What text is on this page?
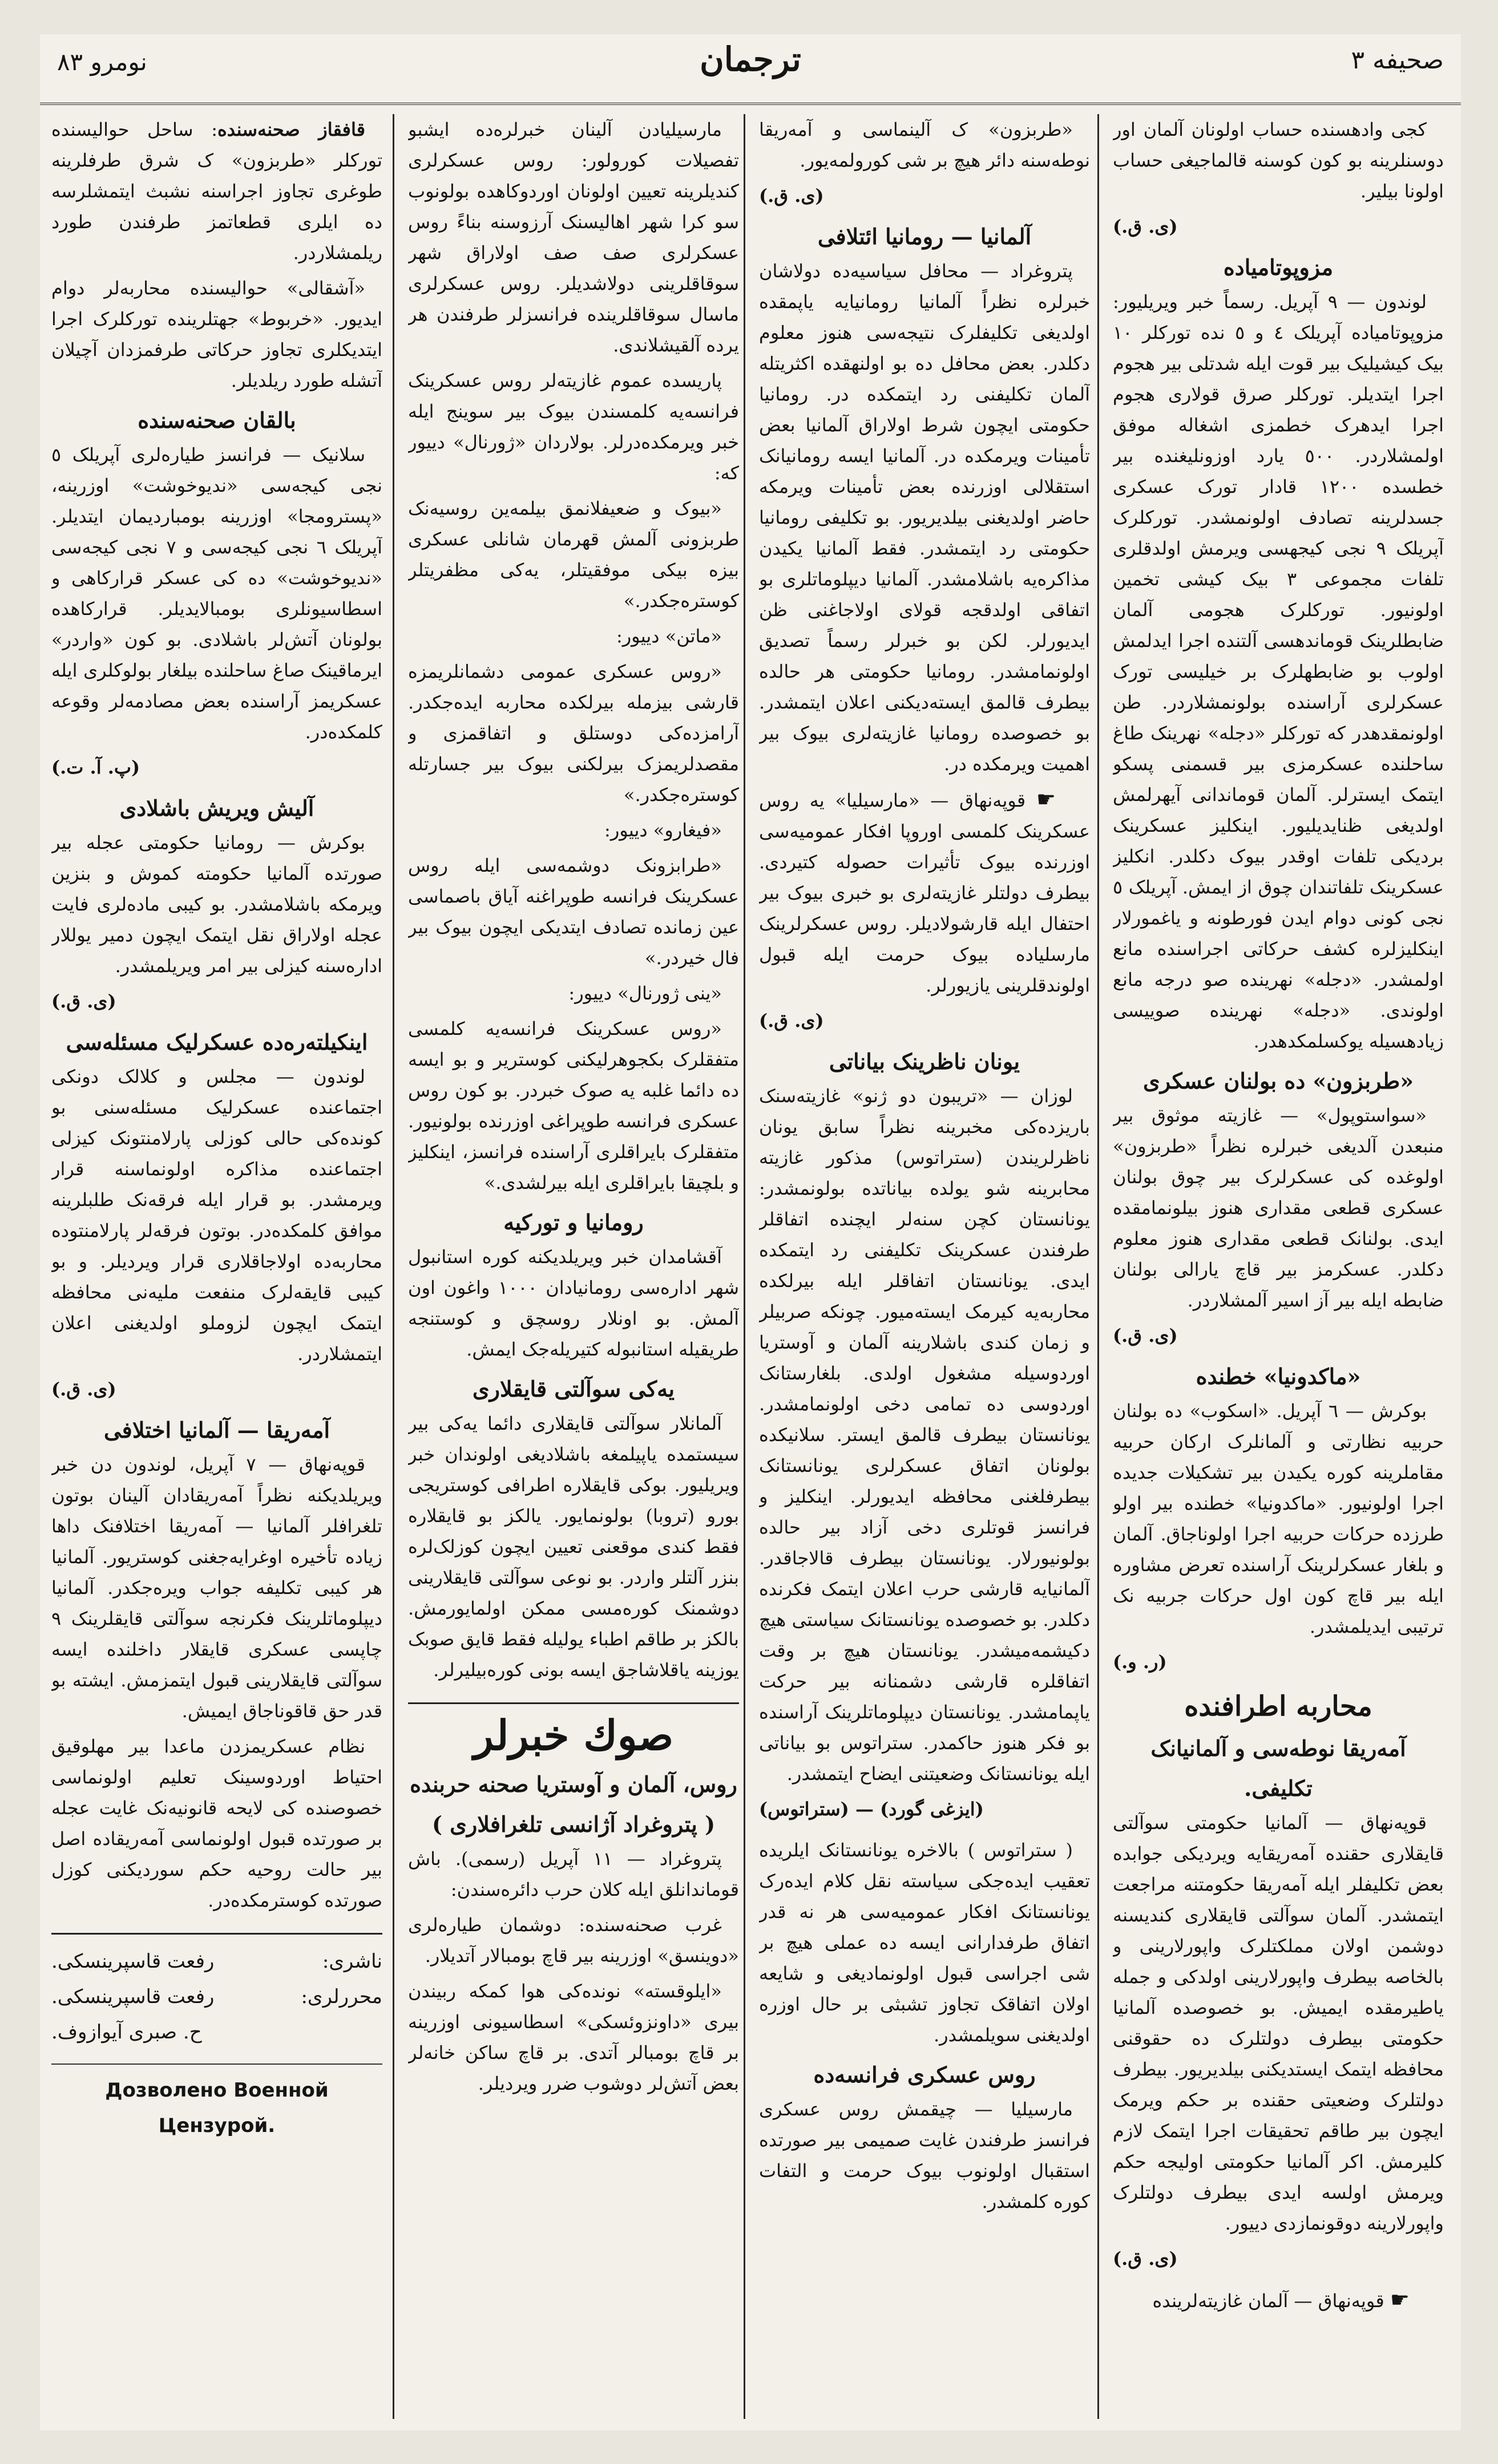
صحیفه ۳
ترجمان
نومرو ۸۳

کجی وادهسنده حساب اولونان آلمان اور دوسنلرینه بو کون کوسنه قالماجیغی حساب اولونا بیلیر.

(ی. ق.)
مزوپوتامیاده

لوندون — ۹ آپریل. رسماً خبر ویریلیور: مزوپوتامیاده آپریلک ٤ و ٥ نده تورکلر ١٠ بیک کیشیلیک بیر قوت ایله شدتلی بیر هجوم اجرا ایتدیلر. تورکلر صرق قولاری هجوم اجرا ایدهرک خطمزی اشغاله موفق اولمشلاردر. ٥٠٠ یارد اوزونلیغنده بیر خطسده ١٢٠٠ قادار تورک عسکری جسدلرینه تصادف اولونمشدر. تورکلرک آپریلک ٩ نجی کیجهسی ویرمش اولدقلری تلفات مجموعی ٣ بیک کیشی تخمین اولونیور. تورکلرک هجومی آلمان ضابطلرینک قوماندهسی آلتنده اجرا ایدلمش اولوب بو ضابطهلرک بر خیلیسی تورک عسکرلری آراسنده بولونمشلاردر. طن اولونمقدهدر که تورکلر «دجله» نهرینک طاغ ساحلنده عسکرمزی بیر قسمنی پسکو ایتمک ایسترلر. آلمان قوماندانی آیهرلمش اولدیغی ظنایدیلیور. اینکلیز عسکرینک بردیکی تلفات اوقدر بیوک دکلدر. انکلیز عسکرینک تلفاتندان چوق از ایمش. آپریلک ٥ نجی کونی دوام ایدن فورطونه و یاغمورلار اینکلیزلره کشف حرکاتی اجراسنده مانع اولمشدر. «دجله» نهرینده صو درجه مانع اولوندی. «دجله» نهرینده صوییسی زیادهسیله یوکسلمکدهدر.

«طربزون» ده بولنان عسکری

«سواستوپول» — غازیته موثوق بیر منبعدن آلدیغی خبرلره نظراً «طربزون» اولوغده کی عسکرلرک بیر چوق بولنان عسکری قطعی مقداری هنوز بیلونمامقده ایدی. بولنانک قطعی مقداری هنوز معلوم دکلدر. عسکرمز بیر قاچ یارالی بولنان ضابطه ایله بیر آز اسیر آلمشلاردر.

(ی. ق.)
«ماکدونیا» خطنده

بوکرش — ٦ آپریل. «اسکوب» ده بولنان حربیه نظارتی و آلمانلرک ارکان حربیه مقاملرینه کوره یکیدن بیر تشکیلات جدیده اجرا اولونیور. «ماکدونیا» خطنده بیر اولو طرزده حرکات حربیه اجرا اولوناجاق. آلمان و بلغار عسکرلرینک آراسنده تعرض مشاوره ایله بیر قاچ کون اول حرکات جربیه نک ترتیبی ایدیلمشدر.

(ر. و.)
محاربه اطرافنده
آمه‌ریقا نوطه‌سی و آلمانیانک
تکلیفی.

قوپه‌نهاق — آلمانیا حکومتی سوآلتی قایقلاری حقنده آمه‌ریقایه ویردیکی جوابده بعض تکلیفلر ایله آمه‌ریقا حکومتنه مراجعت ایتمشدر. آلمان سوآلتی قایقلاری کندیسنه دوشمن اولان مملکتلرک واپورلارینی و بالخاصه بیطرف واپورلارینی اولدکی و جمله یاطیرمقده ایمیش. بو خصوصده آلمانیا حکومتی بیطرف دولتلرک ده حقوقنی محافظه ایتمک ایستدیکنی بیلدیریور. بیطرف دولتلرک وضعیتی حقنده بر حکم ویرمک ایچون بیر طاقم تحقیقات اجرا ایتمک لازم کلیرمش. اکر آلمانیا حکومتی اولیجه حکم ویرمش اولسه ایدی بیطرف دولتلرک واپورلارینه دوقونمازدی دییور.

(ی. ق.)

☛ قوپه‌نهاق — آلمان غازیته‌لرینده

«طربزون» ک آلینماسی و آمه‌ریقا نوطه‌سنه دائر هیچ بر شی کورولمه‌یور.

(ی. ق.)
آلمانیا — رومانیا ائتلافی

پتروغراد — محافل سیاسیه‌ده دولاشان خبرلره نظراً آلمانیا رومانیایه یاپمقده اولدیغی تکلیفلرک نتیجه‌سی هنوز معلوم دکلدر. بعض محافل ده بو اولنهقده اکثریتله آلمان تکلیفنی رد ایتمکده در. رومانیا حکومتی ایچون شرط اولاراق آلمانیا بعض تأمینات ویرمکده در. آلمانیا ایسه رومانیانک استقلالی اوزرنده بعض تأمینات ویرمکه حاضر اولدیغنی بیلدیریور. بو تکلیفی رومانیا حکومتی رد ایتمشدر. فقط آلمانیا یکیدن مذاکره‌یه باشلامشدر. آلمانیا دیپلوماتلری بو اتفاقی اولدقجه قولای اولاجاغنی ظن ایدیورلر. لکن بو خبرلر رسماً تصدیق اولونمامشدر. رومانیا حکومتی هر حالده بیطرف قالمق ایسته‌دیکنی اعلان ایتمشدر. بو خصوصده رومانیا غازیته‌لری بیوک بیر اهمیت ویرمکده در.

☛ قوپه‌نهاق — «مارسیلیا» یه روس عسکرینک کلمسی اوروپا افکار عمومیه‌سی اوزرنده بیوک تأثیرات حصوله کتیردی. بیطرف دولتلر غازیته‌لری بو خبری بیوک بیر احتفال ایله قارشولادیلر. روس عسکرلرینک مارسلیاده بیوک حرمت ایله قبول اولوندقلرینی یازیورلر.

(ی. ق.)
یونان ناظرینک بیاناتی

لوزان — «تریبون دو ژنو» غازیته‌سنک باریزده‌کی مخبرینه نظراً سابق یونان ناظرلریندن (ستراتوس) مذکور غازیته محابرینه شو یولده بیاناتده بولونمشدر: یونانستان کچن سنه‌لر ایچنده اتفاقلر طرفندن عسکرینک تکلیفنی رد ایتمکده ایدی. یونانستان اتفاقلر ایله بیرلکده محاربه‌یه کیرمک ایسته‌میور. چونکه صربیلر و زمان کندی باشلارینه آلمان و آوستریا اوردوسیله مشغول اولدی. بلغارستانک اوردوسی ده تمامی دخی اولونمامشدر. یونانستان بیطرف قالمق ایستر. سلانیکده بولونان اتفاق عسکرلری یونانستانک بیطرفلغنی محافظه ایدیورلر. اینکلیز و فرانسز قوتلری دخی آزاد بیر حالده بولونیورلار. یونانستان بیطرف قالاجاقدر. آلمانیایه قارشی حرب اعلان ایتمک فکرنده دکلدر. بو خصوصده یونانستانک سیاستی هیچ دکیشمه‌میشدر. یونانستان هیچ بر وقت اتفاقلره قارشی دشمنانه بیر حرکت یاپمامشدر. یونانستان دیپلوماتلرینک آراسنده بو فکر هنوز حاکمدر. ستراتوس بو بیاناتی ایله یونانستانک وضعیتنی ایضاح ایتمشدر.

(ایزغی گورد) — (ستراتوس)

( ستراتوس ) بالاخره یونانستانک ایلریده تعقیب ایده‌جکی سیاسته نقل کلام ایده‌رک یونانستانک افکار عمومیه‌سی هر نه قدر اتفاق طرفدارانی ایسه ده عملی هیچ بر شی اجراسی قبول اولونمادیغی و شایعه اولان اتفاقک تجاوز تشبثی بر حال اوزره اولدیغنی سویلمشدر.

روس عسکری فرانسه‌ده

مارسیلیا — چیقمش روس عسکری فرانسز طرفندن غایت صمیمی بیر صورتده استقبال اولونوب بیوک حرمت و التفات کوره کلمشدر.

مارسیلیادن آلینان خبرلره‌ده ایشبو تفصیلات کورولور: روس عسکرلری کندیلرینه تعیین اولونان اوردوکاهده بولونوب سو کرا شهر اهالیسنک آرزوسنه بناءً روس عسکرلری صف صف اولاراق شهر سوقاقلرینی دولاشدیلر. روس عسکرلری ماسال سوقاقلرینده فرانسزلر طرفندن هر یرده آلقیشلاندی.

پاریسده عموم غازیته‌لر روس عسکرینک فرانسه‌یه کلمسندن بیوک بیر سوینج ایله خبر ویرمکده‌درلر. بولاردان «ژورنال» دییور که:

«بیوک و ضعیفلانمق بیلمه‌ین روسیه‌نک طربزونی آلمش قهرمان شانلی عسکری بیزه بیکی موفقیتلر، یه‌کی مظفریتلر کوستره‌جکدر.»

«ماتن» دییور:

«روس عسکری عمومی دشمانلریمزه قارشی بیزمله بیرلکده محاربه ایده‌جکدر. آرامزده‌کی دوستلق و اتفاقمزی و مقصدلریمزک بیرلکنی بیوک بیر جسارتله کوستره‌جکدر.»

«فیغارو» دییور:

«طرابزونک دوشمه‌سی ایله روس عسکرینک فرانسه طوپراغنه آیاق باصماسی عین زمانده تصادف ایتدیکی ایچون بیوک بیر فال خیردر.»

«ینی ژورنال» دییور:

«روس عسکرینک فرانسه‌یه کلمسی متفقلرک بکجوهرلیکنی کوستریر و بو ایسه ده دائما غلبه یه صوک خبردر. بو کون روس عسکری فرانسه طوپراغی اوزرنده بولونیور. متفقلرک بایراقلری آراسنده فرانسز، اینکلیز و بلچیقا بایراقلری ایله بیرلشدی.»

رومانیا و تورکیه

آقشامدان خبر ویریلدیکنه کوره استانبول شهر اداره‌سی رومانیادان ١٠٠٠ واغون اون آلمش. بو اونلار روسچق و کوستنجه طریقیله استانبوله کتیریله‌جک ایمش.

یه‌کی سوآلتی قایقلاری

آلمانلار سوآلتی قایقلاری دائما یه‌کی بیر سیستمده یاپیلمغه باشلادیغی اولوندان خبر ویریلیور. بوکی قایقلاره اطرافی کوستریجی بورو (تروبا) بولونمایور. یالکز بو قایقلاره فقط کندی موقعنی تعیین ایچون کوزلک‌لره بنزر آلتلر واردر. بو نوعی سوآلتی قایقلارینی دوشمنک کوره‌مسی ممکن اولمایورمش. بالکز بر طاقم اطباء یولیله فقط قایق صوبک یوزینه یاقلاشاجق ایسه بونی کوره‌بیلیرلر.

صوك خبرلر
روس، آلمان و آوستریا صحنه حربنده
( پتروغراد آژانسی تلغرافلاری )

پتروغراد — ١١ آپریل (رسمی). باش قوماندانلق ایله کلان حرب دائره‌سندن:

غرب صحنه‌سنده: دوشمان طیاره‌لری «دوینسق» اوزرینه بیر قاچ بومبالار آتدیلار.

«ایلوقسته» نونده‌کی هوا کمکه ربیندن بیری «داونزوئسکی» اسطاسیونی اوزرینه بر قاچ بومبالر آتدی. بر قاچ ساکن خانه‌لر بعض آتش‌لر دوشوب ضرر ویردیلر.

قافقاز صحنه‌سنده: ساحل حوالیسنده تورکلر «طربزون» ک شرق طرفلرینه طوغری تجاوز اجراسنه نشبث ایتمشلرسه ده ایلری قطعاتمز طرفندن طورد ریلمشلاردر.

«آشقالی» حوالیسنده محاربه‌لر دوام ایدیور. «خربوط» جهتلرینده تورکلرک اجرا ایتدیکلری تجاوز حرکاتی طرفمزدان آچیلان آتشله طورد ریلدیلر.

بالقان صحنه‌سنده

سلانیک — فرانسز طیاره‌لری آپریلک ٥ نجی کیجه‌سی «ندیوخوشت» اوزرینه، «پسترومجا» اوزرینه بومباردیمان ایتدیلر. آپریلک ٦ نجی کیجه‌سی و ٧ نجی کیجه‌سی «ندیوخوشت» ده کی عسکر قرارکاهی و اسطاسیونلری بومبالایدیلر. قرارکاهده بولونان آتش‌لر باشلادی. بو کون «واردر» ایرماقینک صاغ ساحلنده بیلغار بولوکلری ایله عسکریمز آراسنده بعض مصادمه‌لر وقوعه کلمکده‌در.

(پ. آ. ت.)
آلیش ویریش باشلادی

بوکرش — رومانیا حکومتی عجله بیر صورتده آلمانیا حکومته کموش و بنزین ویرمکه باشلامشدر. بو کیبی ماده‌لری فایت عجله اولاراق نقل ایتمک ایچون دمیر یوللار اداره‌سنه کیزلی بیر امر ویریلمشدر.

(ی. ق.)
اینکیلته‌ره‌ده عسکرلیک مسئله‌سی

لوندون — مجلس و کلالک دونکی اجتماعنده عسکرلیک مسئله‌سنی بو کونده‌کی حالی کوزلی پارلامنتونک کیزلی اجتماعنده مذاکره اولونماسنه قرار ویرمشدر. بو قرار ایله فرقه‌نک طلبلرینه موافق کلمکده‌در. بوتون فرقه‌لر پارلامنتوده محاربه‌ده اولاجاقلاری قرار ویردیلر. و بو کیبی قایقه‌لرک منفعت ملیه‌نی محافظه ایتمک ایچون لزوملو اولدیغنی اعلان ایتمشلاردر.

(ی. ق.)
آمه‌ریقا — آلمانیا اختلافی

قوپه‌نهاق — ٧ آپریل، لوندون دن خبر ویریلدیکنه نظراً آمه‌ریقادان آلینان بوتون تلغرافلر آلمانیا — آمه‌ریقا اختلافنک داها زیاده تأخیره اوغرایه‌جغنی کوستریور. آلمانیا هر کیبی تکلیفه جواب ویره‌جکدر. آلمانیا دیپلوماتلرینک فکرنجه سوآلتی قایقلرینک ٩ چاپسی عسکری قایقلار داخلنده ایسه سوآلتی قایقلارینی قبول ایتمزمش. ایشته بو قدر حق قاقوناجاق ایمیش.

نظام عسکریمزدن ماعدا بیر مهلوقیق احتیاط اوردوسینک تعلیم اولونماسی خصوصنده کی لایحه قانونیه‌نک غایت عجله بر صورتده قبول اولونماسی آمه‌ریقاده اصل بیر حالت روحیه حکم سوردیکنی کوزل صورتده کوسترمکده‌در.

ناشری:
رفعت قاسپرینسکی.
محررلری:
رفعت قاسپرینسکی.
ح. صبری آیوازوف.
Дозволено Военной Цензурой.
